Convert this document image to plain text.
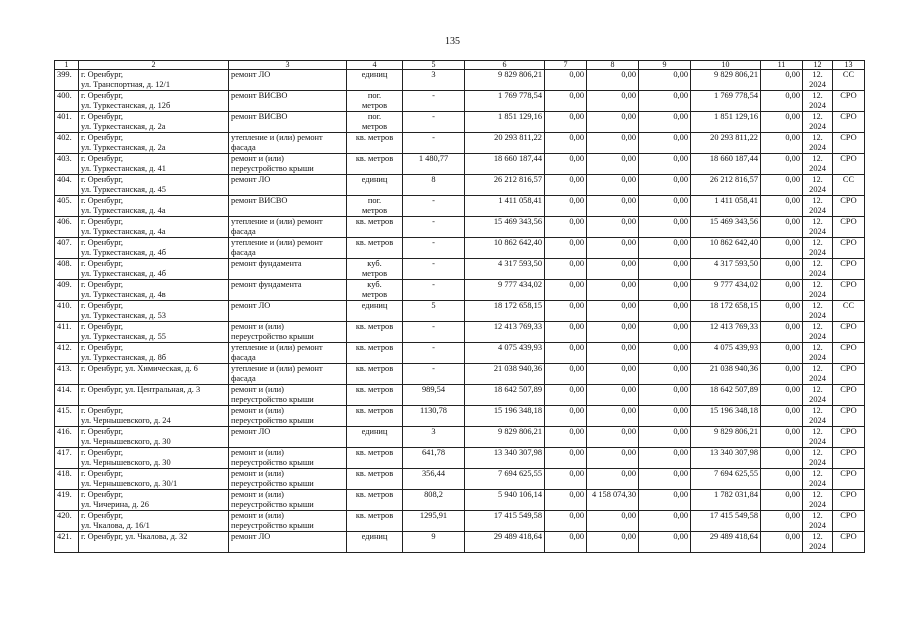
135
1	2	3	4	5	6	7	8	9	10	11	12	13
399.	г. Оренбург,
ул. Транспортная, д. 12/1	ремонт ЛО	единиц	3	9 829 806,21	0,00	0,00	0,00	9 829 806,21	0,00	12.
2024	СС
400.	г. Оренбург,
ул. Туркестанская, д. 12б	ремонт ВИСВО	пог.
метров	-	1 769 778,54	0,00	0,00	0,00	1 769 778,54	0,00	12.
2024	СРО
401.	г. Оренбург,
ул. Туркестанская, д. 2а	ремонт ВИСВО	пог.
метров	-	1 851 129,16	0,00	0,00	0,00	1 851 129,16	0,00	12.
2024	СРО
402.	г. Оренбург,
ул. Туркестанская, д. 2а	утепление и (или) ремонт
фасада	кв. метров	-	20 293 811,22	0,00	0,00	0,00	20 293 811,22	0,00	12.
2024	СРО
403.	г. Оренбург,
ул. Туркестанская, д. 41	ремонт и (или)
переустройство крыши	кв. метров	1 480,77	18 660 187,44	0,00	0,00	0,00	18 660 187,44	0,00	12.
2024	СРО
404.	г. Оренбург,
ул. Туркестанская, д. 45	ремонт ЛО	единиц	8	26 212 816,57	0,00	0,00	0,00	26 212 816,57	0,00	12.
2024	СС
405.	г. Оренбург,
ул. Туркестанская, д. 4а	ремонт ВИСВО	пог.
метров	-	1 411 058,41	0,00	0,00	0,00	1 411 058,41	0,00	12.
2024	СРО
406.	г. Оренбург,
ул. Туркестанская, д. 4а	утепление и (или) ремонт
фасада	кв. метров	-	15 469 343,56	0,00	0,00	0,00	15 469 343,56	0,00	12.
2024	СРО
407.	г. Оренбург,
ул. Туркестанская, д. 4б	утепление и (или) ремонт
фасада	кв. метров	-	10 862 642,40	0,00	0,00	0,00	10 862 642,40	0,00	12.
2024	СРО
408.	г. Оренбург,
ул. Туркестанская, д. 4б	ремонт фундамента	куб.
метров	-	4 317 593,50	0,00	0,00	0,00	4 317 593,50	0,00	12.
2024	СРО
409.	г. Оренбург,
ул. Туркестанская, д. 4в	ремонт фундамента	куб.
метров	-	9 777 434,02	0,00	0,00	0,00	9 777 434,02	0,00	12.
2024	СРО
410.	г. Оренбург,
ул. Туркестанская, д. 53	ремонт ЛО	единиц	5	18 172 658,15	0,00	0,00	0,00	18 172 658,15	0,00	12.
2024	СС
411.	г. Оренбург,
ул. Туркестанская, д. 55	ремонт и (или)
переустройство крыши	кв. метров	-	12 413 769,33	0,00	0,00	0,00	12 413 769,33	0,00	12.
2024	СРО
412.	г. Оренбург,
ул. Туркестанская, д. 8б	утепление и (или) ремонт
фасада	кв. метров	-	4 075 439,93	0,00	0,00	0,00	4 075 439,93	0,00	12.
2024	СРО
413.	г. Оренбург, ул. Химическая, д. 6	утепление и (или) ремонт
фасада	кв. метров	-	21 038 940,36	0,00	0,00	0,00	21 038 940,36	0,00	12.
2024	СРО
414.	г. Оренбург, ул. Центральная, д. 3	ремонт и (или)
переустройство крыши	кв. метров	989,54	18 642 507,89	0,00	0,00	0,00	18 642 507,89	0,00	12.
2024	СРО
415.	г. Оренбург,
ул. Чернышевского, д. 24	ремонт и (или)
переустройство крыши	кв. метров	1130,78	15 196 348,18	0,00	0,00	0,00	15 196 348,18	0,00	12.
2024	СРО
416.	г. Оренбург,
ул. Чернышевского, д. 30	ремонт ЛО	единиц	3	9 829 806,21	0,00	0,00	0,00	9 829 806,21	0,00	12.
2024	СРО
417.	г. Оренбург,
ул. Чернышевского, д. 30	ремонт и (или)
переустройство крыши	кв. метров	641,78	13 340 307,98	0,00	0,00	0,00	13 340 307,98	0,00	12.
2024	СРО
418.	г. Оренбург,
ул. Чернышевского, д. 30/1	ремонт и (или)
переустройство крыши	кв. метров	356,44	7 694 625,55	0,00	0,00	0,00	7 694 625,55	0,00	12.
2024	СРО
419.	г. Оренбург,
ул. Чичерина, д. 26	ремонт и (или)
переустройство крыши	кв. метров	808,2	5 940 106,14	0,00	4 158 074,30	0,00	1 782 031,84	0,00	12.
2024	СРО
420.	г. Оренбург,
ул. Чкалова, д. 16/1	ремонт и (или)
переустройство крыши	кв. метров	1295,91	17 415 549,58	0,00	0,00	0,00	17 415 549,58	0,00	12.
2024	СРО
421.	г. Оренбург, ул. Чкалова, д. 32	ремонт ЛО	единиц	9	29 489 418,64	0,00	0,00	0,00	29 489 418,64	0,00	12.
2024	СРО
